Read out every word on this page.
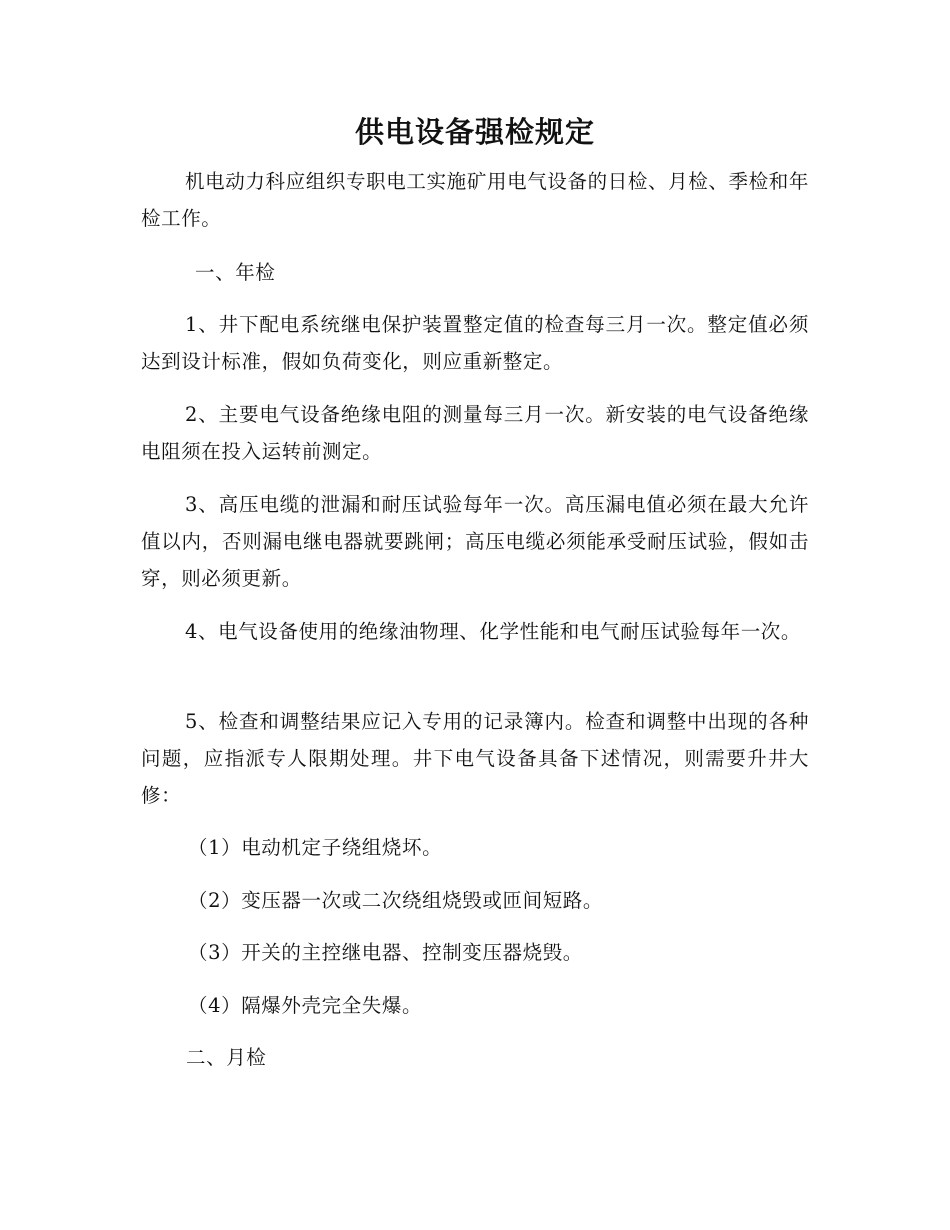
供电设备强检规定
机电动力科应组织专职电工实施矿用电气设备的日检、月检、季检和年检工作。
一、年检
1、井下配电系统继电保护装置整定值的检查每三月一次。整定值必须达到设计标准，假如负荷变化，则应重新整定。
2、主要电气设备绝缘电阻的测量每三月一次。新安装的电气设备绝缘电阻须在投入运转前测定。
3、高压电缆的泄漏和耐压试验每年一次。高压漏电值必须在最大允许值以内，否则漏电继电器就要跳闸；高压电缆必须能承受耐压试验，假如击穿，则必须更新。
4、电气设备使用的绝缘油物理、化学性能和电气耐压试验每年一次。
5、检查和调整结果应记入专用的记录簿内。检查和调整中出现的各种问题，应指派专人限期处理。井下电气设备具备下述情况，则需要升井大修：
（1）电动机定子绕组烧坏。
（2）变压器一次或二次绕组烧毁或匝间短路。
（3）开关的主控继电器、控制变压器烧毁。
（4）隔爆外壳完全失爆。
二、月检
